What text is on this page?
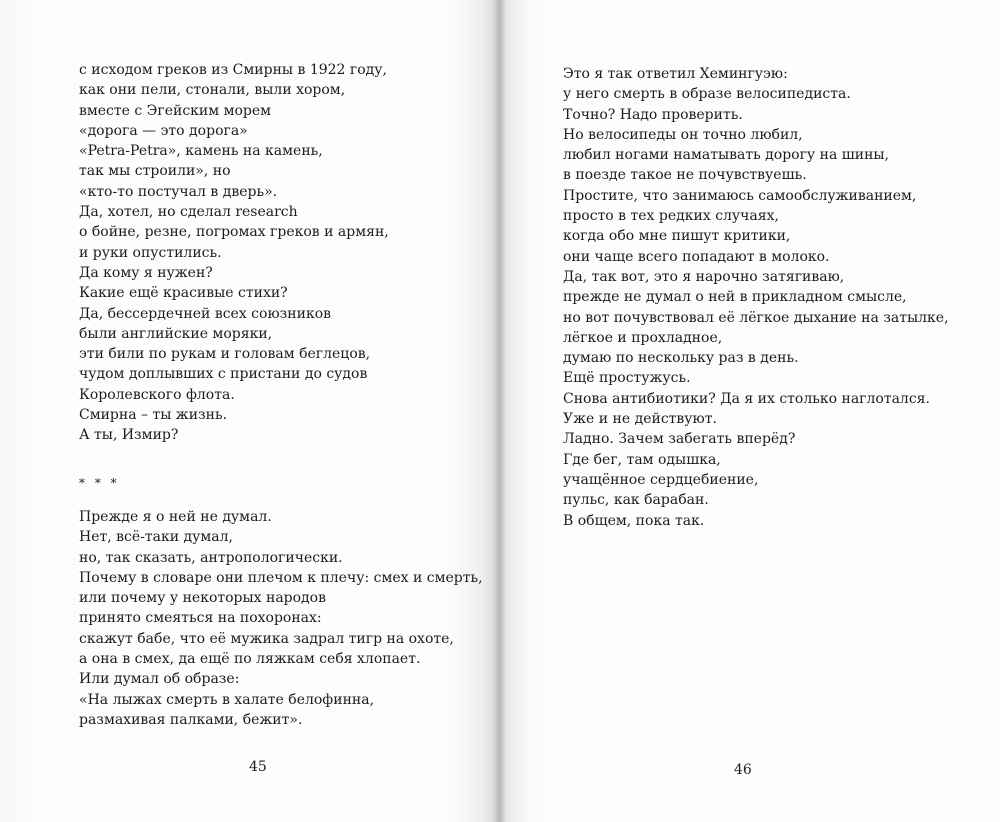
с исходом греков из Смирны в 1922 году,
как они пели, стонали, выли хором,
вместе с Эгейским морем
«дорога — это дорога»
«Petra-Petra», камень на камень,
так мы строили», но
«кто-то постучал в дверь».
Да, хотел, но сделал research
о бойне, резне, погромах греков и армян,
и руки опустились.
Да кому я нужен?
Какие ещё красивые стихи?
Да, бессердечней всех союзников
были английские моряки,
эти били по рукам и головам беглецов,
чудом доплывших с пристани до судов
Королевского флота.
Смирна – ты жизнь.
А ты, Измир?
* * *
Прежде я о ней не думал.
Нет, всё-таки думал,
но, так сказать, антропологически.
Почему в словаре они плечом к плечу: смех и смерть,
или почему у некоторых народов
принято смеяться на похоронах:
скажут бабе, что её мужика задрал тигр на охоте,
а она в смех, да ещё по ляжкам себя хлопает.
Или думал об образе:
«На лыжах смерть в халате белофинна,
размахивая палками, бежит».
45
Это я так ответил Хемингуэю:
у него смерть в образе велосипедиста.
Точно? Надо проверить.
Но велосипеды он точно любил,
любил ногами наматывать дорогу на шины,
в поезде такое не почувствуешь.
Простите, что занимаюсь самообслуживанием,
просто в тех редких случаях,
когда обо мне пишут критики,
они чаще всего попадают в молоко.
Да, так вот, это я нарочно затягиваю,
прежде не думал о ней в прикладном смысле,
но вот почувствовал её лёгкое дыхание на затылке,
лёгкое и прохладное,
думаю по нескольку раз в день.
Ещё простужусь.
Снова антибиотики? Да я их столько наглотался.
Уже и не действуют.
Ладно. Зачем забегать вперёд?
Где бег, там одышка,
учащённое сердцебиение,
пульс, как барабан.
В общем, пока так.
46
